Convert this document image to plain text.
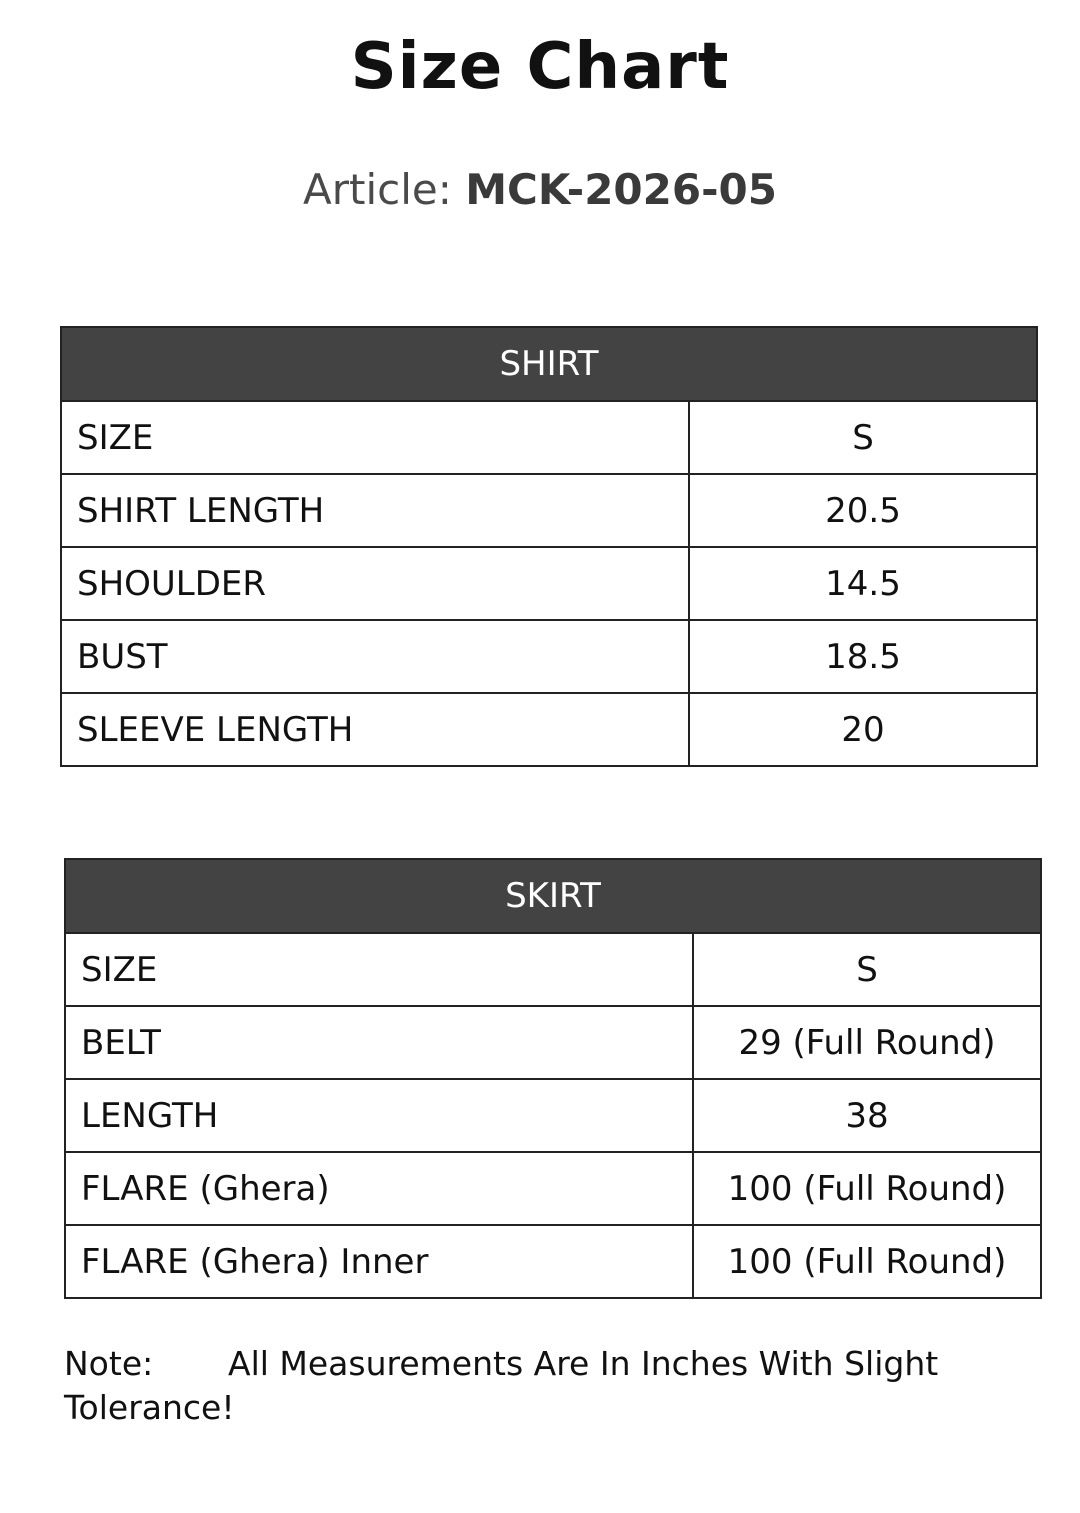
Size Chart
Article: MCK-2026-05
SHIRT	
SIZE	S
SHIRT LENGTH	20.5
SHOULDER	14.5
BUST	18.5
SLEEVE LENGTH	20
SKIRT	
SIZE	S
BELT	29 (Full Round)
LENGTH	38
FLARE (Ghera)	100 (Full Round)
FLARE (Ghera) Inner	100 (Full Round)
Note: All Measurements Are In Inches With Slight Tolerance!
